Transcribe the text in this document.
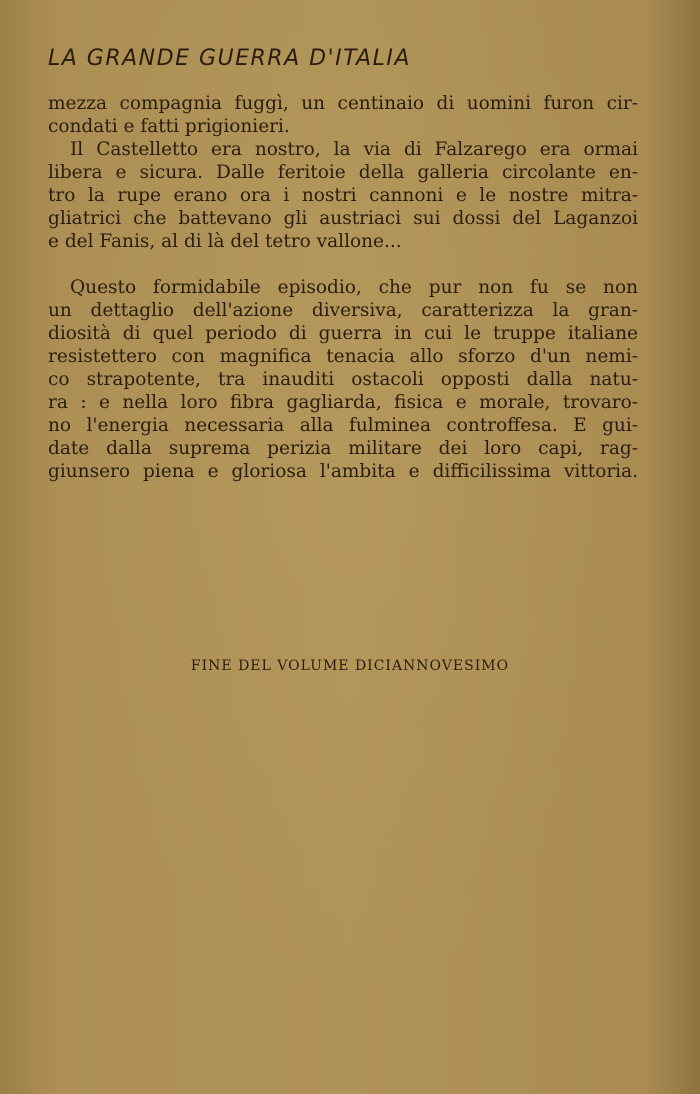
LA GRANDE GUERRA D'ITALIA
mezza compagnia fuggì, un centinaio di uomini furon cir-
condati e fatti prigionieri.
Il Castelletto era nostro, la via di Falzarego era ormai
libera e sicura. Dalle feritoie della galleria circolante en-
tro la rupe erano ora i nostri cannoni e le nostre mitra-
gliatrici che battevano gli austriaci sui dossi del Laganzoi
e del Fanis, al di là del tetro vallone...
Questo formidabile episodio, che pur non fu se non
un dettaglio dell'azione diversiva, caratterizza la gran-
diosità di quel periodo di guerra in cui le truppe italiane
resistettero con magnifica tenacia allo sforzo d'un nemi-
co strapotente, tra inauditi ostacoli opposti dalla natu-
ra : e nella loro fibra gagliarda, fisica e morale, trovaro-
no l'energia necessaria alla fulminea controffesa. E gui-
date dalla suprema perizia militare dei loro capi, rag-
giunsero piena e gloriosa l'ambita e difficilissima vittoria.
FINE DEL VOLUME DICIANNOVESIMO
